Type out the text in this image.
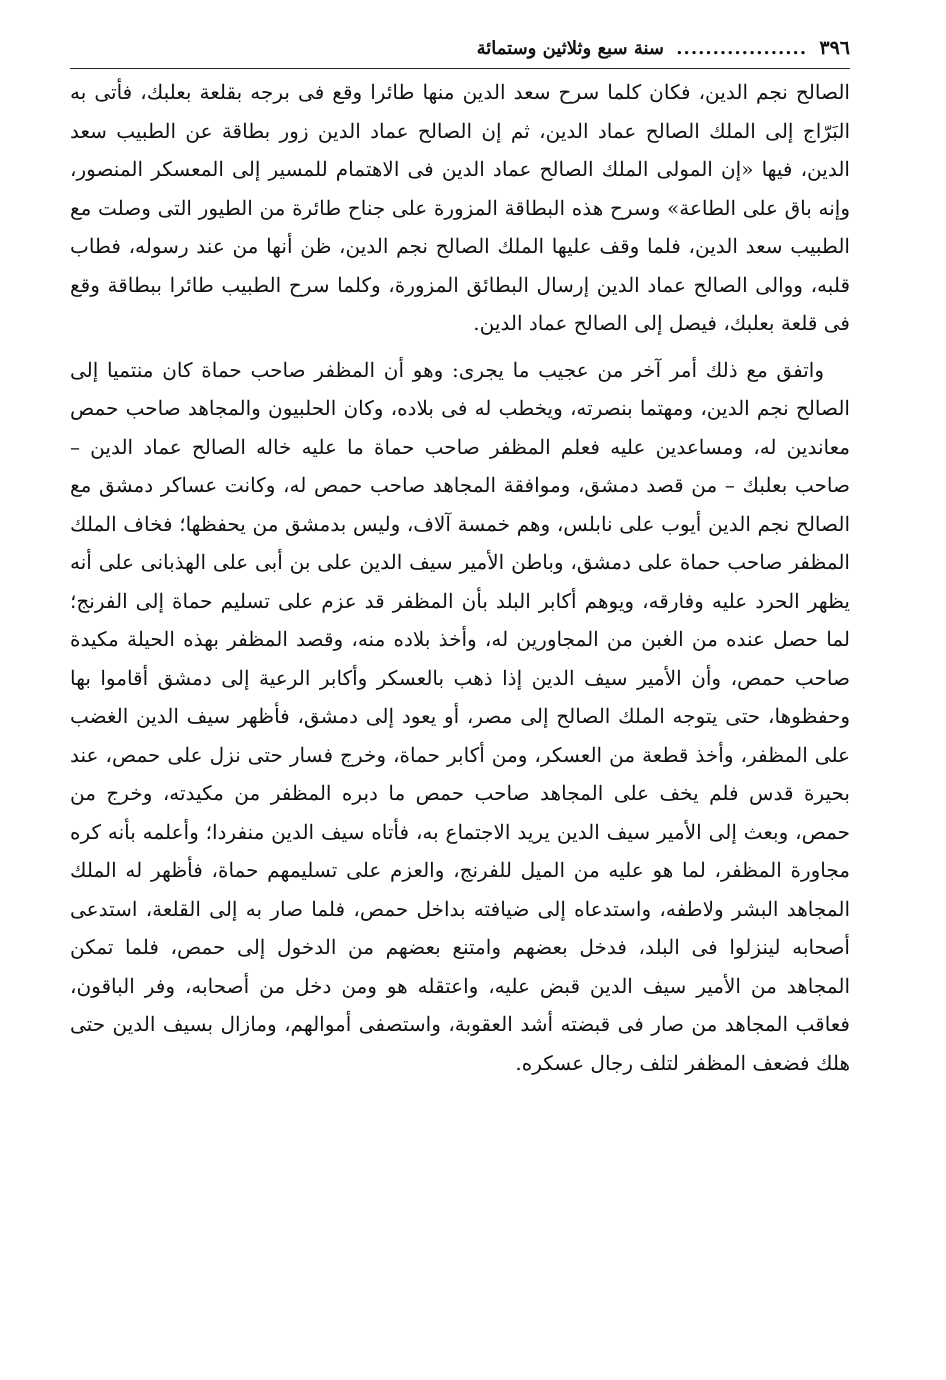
٣٩٦ .................. سنة سبع وثلاثين وستمائة

الصالح نجم الدين، فكان كلما سرح سعد الدين منها طائرا وقع فى برجه بقلعة بعلبك، فأتى به البَرّاج إلى الملك الصالح عماد الدين، ثم إن الصالح عماد الدين زور بطاقة عن الطبيب سعد الدين، فيها «إن المولى الملك الصالح عماد الدين فى الاهتمام للمسير إلى المعسكر المنصور، وإنه باق على الطاعة» وسرح هذه البطاقة المزورة على جناح طائرة من الطيور التى وصلت مع الطبيب سعد الدين، فلما وقف عليها الملك الصالح نجم الدين، ظن أنها من عند رسوله، فطاب قلبه، ووالى الصالح عماد الدين إرسال البطائق المزورة، وكلما سرح الطبيب طائرا ببطاقة وقع فى قلعة بعلبك، فيصل إلى الصالح عماد الدين.

واتفق مع ذلك أمر آخر من عجيب ما يجرى: وهو أن المظفر صاحب حماة كان منتميا إلى الصالح نجم الدين، ومهتما بنصرته، ويخطب له فى بلاده، وكان الحلبيون والمجاهد صاحب حمص معاندين له، ومساعدين عليه فعلم المظفر صاحب حماة ما عليه خاله الصالح عماد الدين – صاحب بعلبك – من قصد دمشق، وموافقة المجاهد صاحب حمص له، وكانت عساكر دمشق مع الصالح نجم الدين أيوب على نابلس، وهم خمسة آلاف، وليس بدمشق من يحفظها؛ فخاف الملك المظفر صاحب حماة على دمشق، وباطن الأمير سيف الدين على بن أبى على الهذبانى على أنه يظهر الحرد عليه وفارقه، ويوهم أكابر البلد بأن المظفر قد عزم على تسليم حماة إلى الفرنج؛ لما حصل عنده من الغبن من المجاورين له، وأخذ بلاده منه، وقصد المظفر بهذه الحيلة مكيدة صاحب حمص، وأن الأمير سيف الدين إذا ذهب بالعسكر وأكابر الرعية إلى دمشق أقاموا بها وحفظوها، حتى يتوجه الملك الصالح إلى مصر، أو يعود إلى دمشق، فأظهر سيف الدين الغضب على المظفر، وأخذ قطعة من العسكر، ومن أكابر حماة، وخرج فسار حتى نزل على حمص، عند بحيرة قدس فلم يخف على المجاهد صاحب حمص ما دبره المظفر من مكيدته، وخرج من حمص، وبعث إلى الأمير سيف الدين يريد الاجتماع به، فأتاه سيف الدين منفردا؛ وأعلمه بأنه كره مجاورة المظفر، لما هو عليه من الميل للفرنج، والعزم على تسليمهم حماة، فأظهر له الملك المجاهد البشر ولاطفه، واستدعاه إلى ضيافته بداخل حمص، فلما صار به إلى القلعة، استدعى أصحابه لينزلوا فى البلد، فدخل بعضهم وامتنع بعضهم من الدخول إلى حمص، فلما تمكن المجاهد من الأمير سيف الدين قبض عليه، واعتقله هو ومن دخل من أصحابه، وفر الباقون، فعاقب المجاهد من صار فى قبضته أشد العقوبة، واستصفى أموالهم، ومازال بسيف الدين حتى هلك فضعف المظفر لتلف رجال عسكره.
